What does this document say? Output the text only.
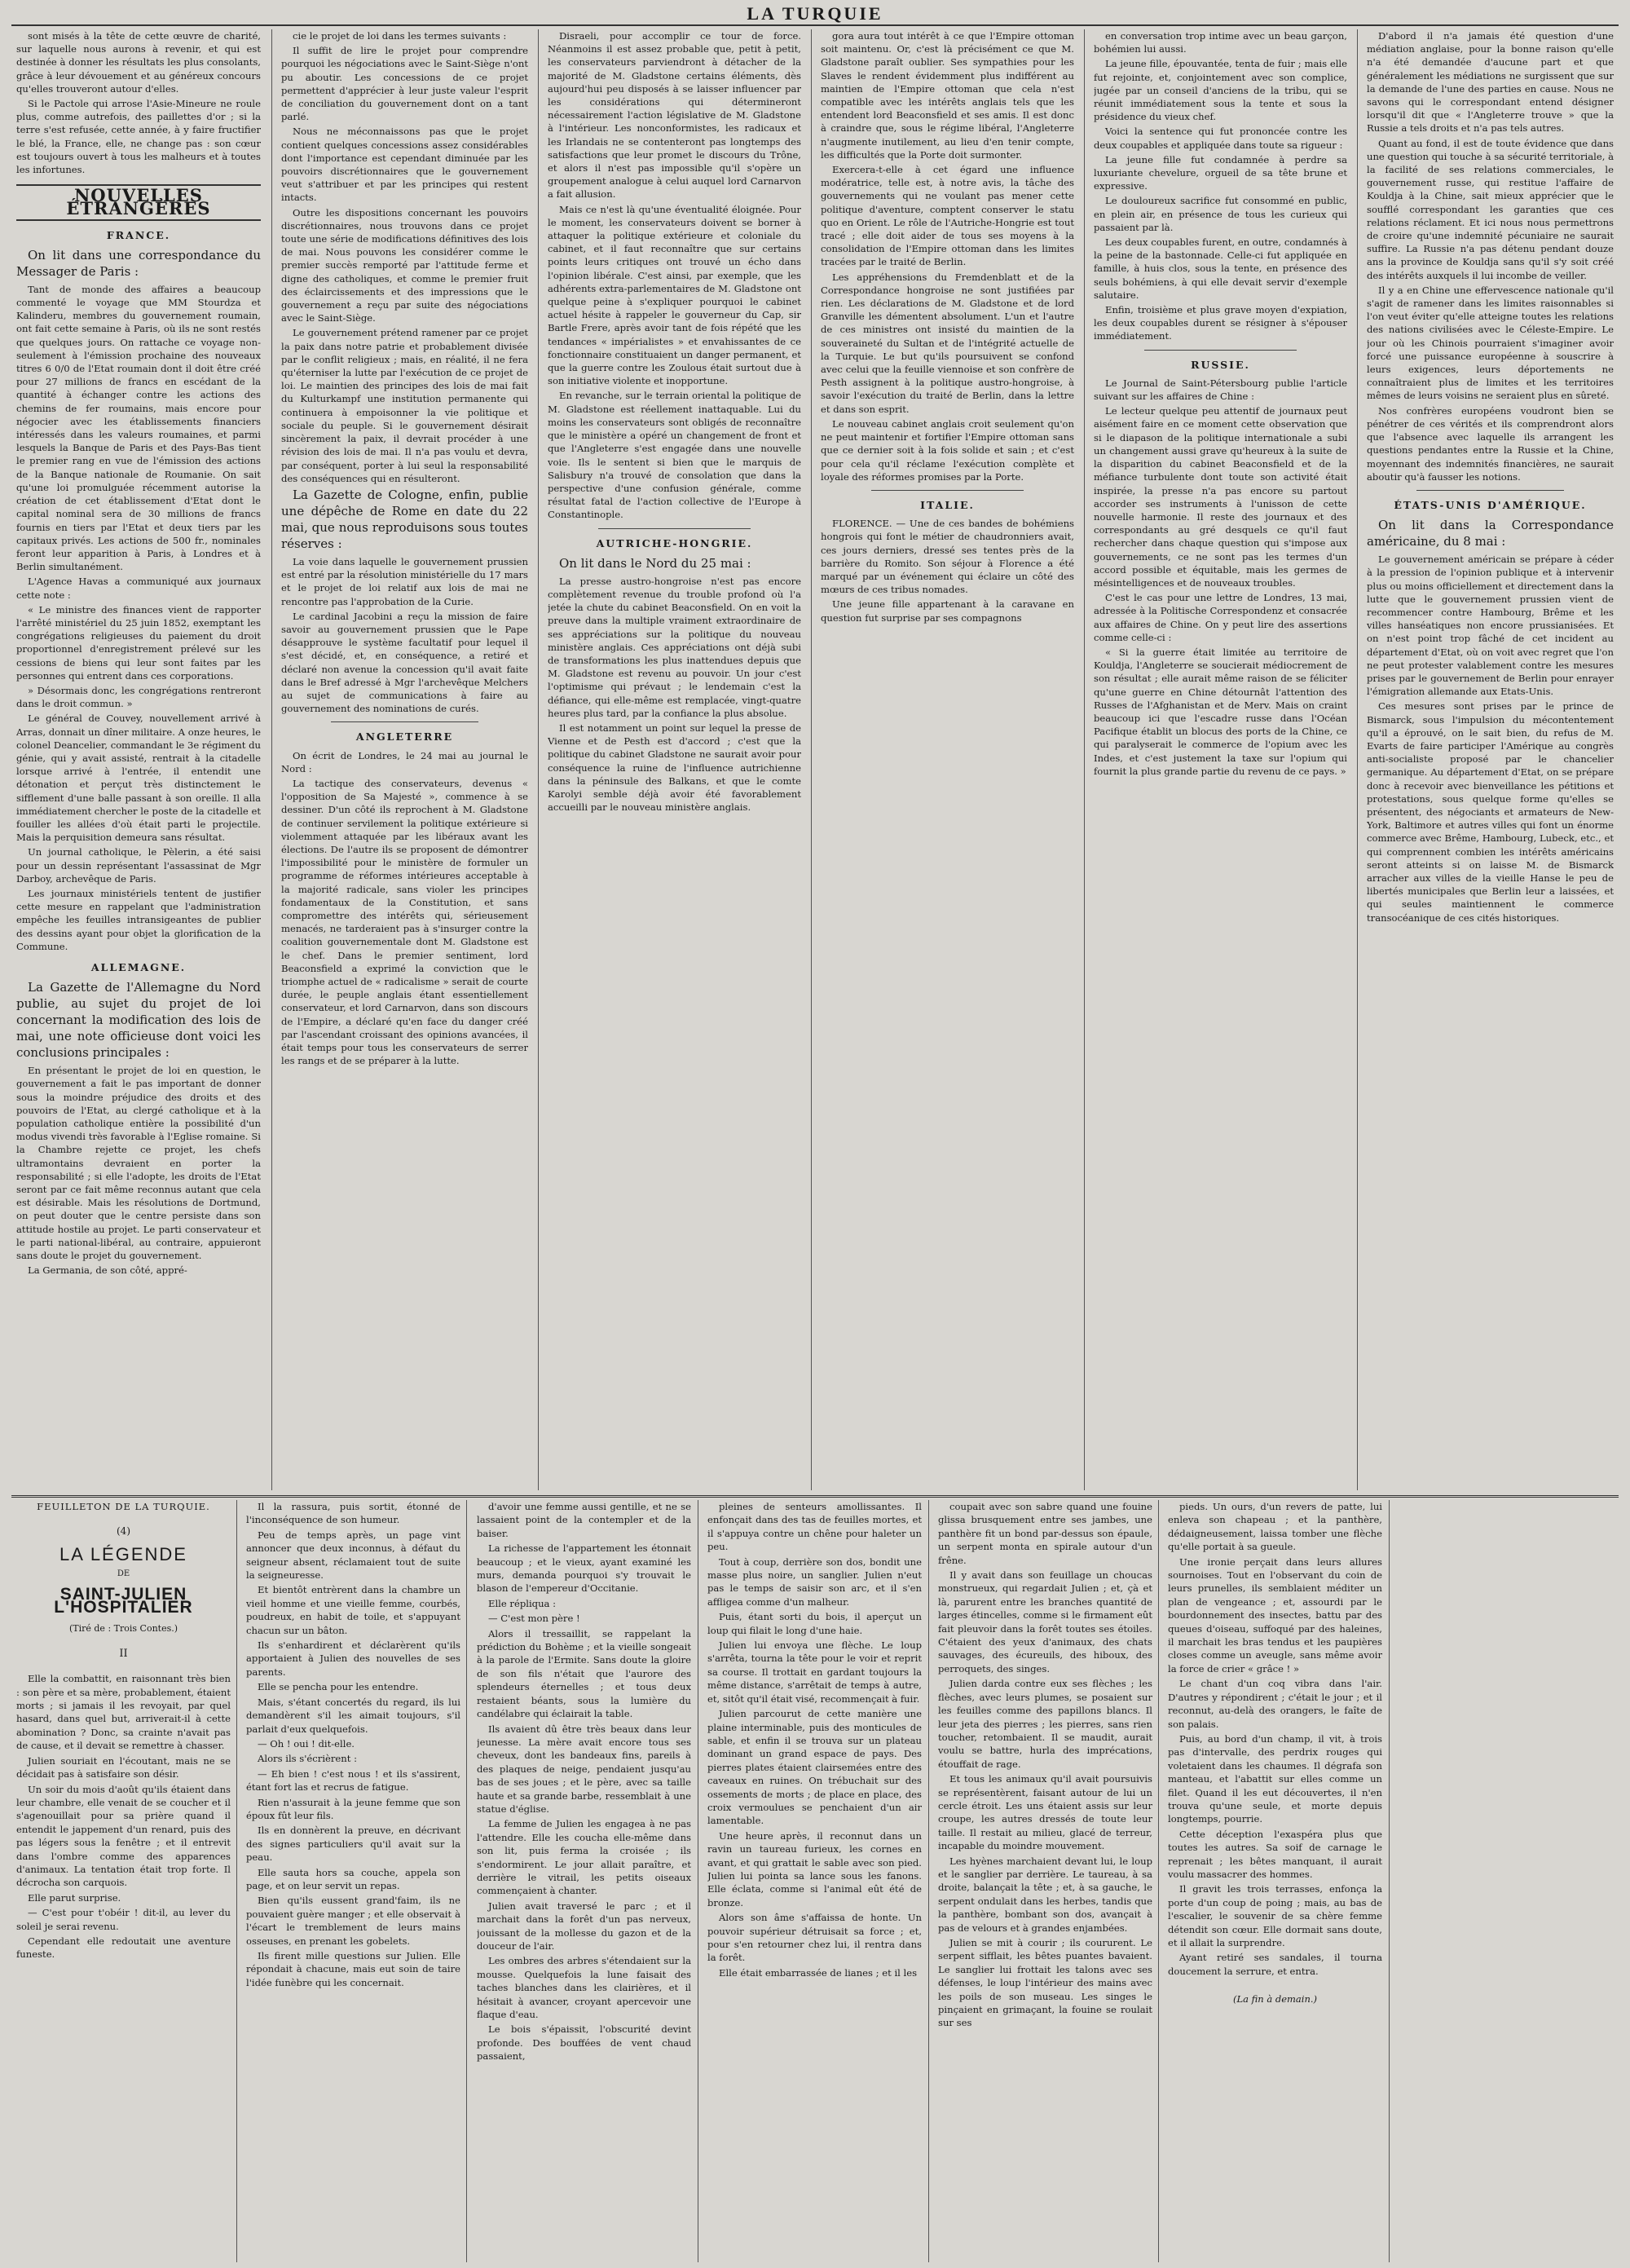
LA TURQUIE

sont misés à la tête de cette œuvre de charité, sur laquelle nous aurons à revenir, et qui est destinée à donner les résultats les plus consolants, grâce à leur dévouement et au généreux concours qu'elles trouveront autour d'elles.

Si le Pactole qui arrose l'Asie-Mineure ne roule plus, comme autrefois, des paillettes d'or ; si la terre s'est refusée, cette année, à y faire fructifier le blé, la France, elle, ne change pas : son cœur est toujours ouvert à tous les malheurs et à toutes les infortunes.

NOUVELLES ÉTRANGÈRES
FRANCE.
On lit dans une correspondance du Messager de Paris :

Tant de monde des affaires a beaucoup commenté le voyage que MM Stourdza et Kalinderu, membres du gouvernement roumain, ont fait cette semaine à Paris, où ils ne sont restés que quelques jours. On rattache ce voyage non-seulement à l'émission prochaine des nouveaux titres 6 0/0 de l'Etat roumain dont il doit être créé pour 27 millions de francs en escédant de la quantité à échanger contre les actions des chemins de fer roumains, mais encore pour négocier avec les établissements financiers intéressés dans les valeurs roumaines, et parmi lesquels la Banque de Paris et des Pays-Bas tient le premier rang en vue de l'émission des actions de la Banque nationale de Roumanie. On sait qu'une loi promulguée récemment autorise la création de cet établissement d'Etat dont le capital nominal sera de 30 millions de francs fournis en tiers par l'Etat et deux tiers par les capitaux privés. Les actions de 500 fr., nominales feront leur apparition à Paris, à Londres et à Berlin simultanément.

L'Agence Havas a communiqué aux journaux cette note :

« Le ministre des finances vient de rapporter l'arrêté ministériel du 25 juin 1852, exemptant les congrégations religieuses du paiement du droit proportionnel d'enregistrement prélevé sur les cessions de biens qui leur sont faites par les personnes qui entrent dans ces corporations.

» Désormais donc, les congrégations rentreront dans le droit commun. »

Le général de Couvey, nouvellement arrivé à Arras, donnait un dîner militaire. A onze heures, le colonel Deancelier, commandant le 3e régiment du génie, qui y avait assisté, rentrait à la citadelle lorsque arrivé à l'entrée, il entendit une détonation et perçut très distinctement le sifflement d'une balle passant à son oreille. Il alla immédiatement chercher le poste de la citadelle et fouiller les allées d'où était parti le projectile. Mais la perquisition demeura sans résultat.

Un journal catholique, le Pèlerin, a été saisi pour un dessin représentant l'assassinat de Mgr Darboy, archevêque de Paris.

Les journaux ministériels tentent de justifier cette mesure en rappelant que l'administration empêche les feuilles intransigeantes de publier des dessins ayant pour objet la glorification de la Commune.

ALLEMAGNE.
La Gazette de l'Allemagne du Nord publie, au sujet du projet de loi concernant la modification des lois de mai, une note officieuse dont voici les conclusions principales :

En présentant le projet de loi en question, le gouvernement a fait le pas important de donner sous la moindre préjudice des droits et des pouvoirs de l'Etat, au clergé catholique et à la population catholique entière la possibilité d'un modus vivendi très favorable à l'Eglise romaine. Si la Chambre rejette ce projet, les chefs ultramontains devraient en porter la responsabilité ; si elle l'adopte, les droits de l'Etat seront par ce fait même reconnus autant que cela est désirable. Mais les résolutions de Dortmund, on peut douter que le centre persiste dans son attitude hostile au projet. Le parti conservateur et le parti national-libéral, au contraire, appuieront sans doute le projet du gouvernement.

La Germania, de son côté, appré-

cie le projet de loi dans les termes suivants :

Il suffit de lire le projet pour comprendre pourquoi les négociations avec le Saint-Siège n'ont pu aboutir. Les concessions de ce projet permettent d'apprécier à leur juste valeur l'esprit de conciliation du gouvernement dont on a tant parlé.

Nous ne méconnaissons pas que le projet contient quelques concessions assez considérables dont l'importance est cependant diminuée par les pouvoirs discrétionnaires que le gouvernement veut s'attribuer et par les principes qui restent intacts.

Outre les dispositions concernant les pouvoirs discrétionnaires, nous trouvons dans ce projet toute une série de modifications définitives des lois de mai. Nous pouvons les considérer comme le premier succès remporté par l'attitude ferme et digne des catholiques, et comme le premier fruit des éclaircissements et des impressions que le gouvernement a reçu par suite des négociations avec le Saint-Siège.

Le gouvernement prétend ramener par ce projet la paix dans notre patrie et probablement divisée par le conflit religieux ; mais, en réalité, il ne fera qu'éterniser la lutte par l'exécution de ce projet de loi. Le maintien des principes des lois de mai fait du Kulturkampf une institution permanente qui continuera à empoisonner la vie politique et sociale du peuple. Si le gouvernement désirait sincèrement la paix, il devrait procéder à une révision des lois de mai. Il n'a pas voulu et devra, par conséquent, porter à lui seul la responsabilité des conséquences qui en résulteront.

La Gazette de Cologne, enfin, publie une dépêche de Rome en date du 22 mai, que nous reproduisons sous toutes réserves :

La voie dans laquelle le gouvernement prussien est entré par la résolution ministérielle du 17 mars et le projet de loi relatif aux lois de mai ne rencontre pas l'approbation de la Curie.

Le cardinal Jacobini a reçu la mission de faire savoir au gouvernement prussien que le Pape désapprouve le système facultatif pour lequel il s'est décidé, et, en conséquence, a retiré et déclaré non avenue la concession qu'il avait faite dans le Bref adressé à Mgr l'archevêque Melchers au sujet de communications à faire au gouvernement des nominations de curés.

ANGLETERRE

On écrit de Londres, le 24 mai au journal le Nord :

La tactique des conservateurs, devenus « l'opposition de Sa Majesté », commence à se dessiner. D'un côté ils reprochent à M. Gladstone de continuer servilement la politique extérieure si violemment attaquée par les libéraux avant les élections. De l'autre ils se proposent de démontrer l'impossibilité pour le ministère de formuler un programme de réformes intérieures acceptable à la majorité radicale, sans violer les principes fondamentaux de la Constitution, et sans compromettre des intérêts qui, sérieusement menacés, ne tarderaient pas à s'insurger contre la coalition gouvernementale dont M. Gladstone est le chef. Dans le premier sentiment, lord Beaconsfield a exprimé la conviction que le triomphe actuel de « radicalisme » serait de courte durée, le peuple anglais étant essentiellement conservateur, et lord Carnarvon, dans son discours de l'Empire, a déclaré qu'en face du danger créé par l'ascendant croissant des opinions avancées, il était temps pour tous les conservateurs de serrer les rangs et de se préparer à la lutte.

Disraeli, pour accomplir ce tour de force. Néanmoins il est assez probable que, petit à petit, les conservateurs parviendront à détacher de la majorité de M. Gladstone certains éléments, dès aujourd'hui peu disposés à se laisser influencer par les considérations qui détermineront nécessairement l'action législative de M. Gladstone à l'intérieur. Les nonconformistes, les radicaux et les Irlandais ne se contenteront pas longtemps des satisfactions que leur promet le discours du Trône, et alors il n'est pas impossible qu'il s'opère un groupement analogue à celui auquel lord Carnarvon a fait allusion.

Mais ce n'est là qu'une éventualité éloignée. Pour le moment, les conservateurs doivent se borner à attaquer la politique extérieure et coloniale du cabinet, et il faut reconnaître que sur certains points leurs critiques ont trouvé un écho dans l'opinion libérale. C'est ainsi, par exemple, que les adhérents extra-parlementaires de M. Gladstone ont quelque peine à s'expliquer pourquoi le cabinet actuel hésite à rappeler le gouverneur du Cap, sir Bartle Frere, après avoir tant de fois répété que les tendances « impérialistes » et envahissantes de ce fonctionnaire constituaient un danger permanent, et que la guerre contre les Zoulous était surtout due à son initiative violente et inopportune.

En revanche, sur le terrain oriental la politique de M. Gladstone est réellement inattaquable. Lui du moins les conservateurs sont obligés de reconnaître que le ministère a opéré un changement de front et que l'Angleterre s'est engagée dans une nouvelle voie. Ils le sentent si bien que le marquis de Salisbury n'a trouvé de consolation que dans la perspective d'une confusion générale, comme résultat fatal de l'action collective de l'Europe à Constantinople.

AUTRICHE-HONGRIE.
On lit dans le Nord du 25 mai :

La presse austro-hongroise n'est pas encore complètement revenue du trouble profond où l'a jetée la chute du cabinet Beaconsfield. On en voit la preuve dans la multiple vraiment extraordinaire de ses appréciations sur la politique du nouveau ministère anglais. Ces appréciations ont déjà subi de transformations les plus inattendues depuis que M. Gladstone est revenu au pouvoir. Un jour c'est l'optimisme qui prévaut ; le lendemain c'est la défiance, qui elle-même est remplacée, vingt-quatre heures plus tard, par la confiance la plus absolue.

Il est notamment un point sur lequel la presse de Vienne et de Pesth est d'accord ; c'est que la politique du cabinet Gladstone ne saurait avoir pour conséquence la ruine de l'influence autrichienne dans la péninsule des Balkans, et que le comte Karolyi semble déjà avoir été favorablement accueilli par le nouveau ministère anglais.

gora aura tout intérêt à ce que l'Empire ottoman soit maintenu. Or, c'est là précisément ce que M. Gladstone paraît oublier. Ses sympathies pour les Slaves le rendent évidemment plus indifférent au maintien de l'Empire ottoman que cela n'est compatible avec les intérêts anglais tels que les entendent lord Beaconsfield et ses amis. Il est donc à craindre que, sous le régime libéral, l'Angleterre n'augmente inutilement, au lieu d'en tenir compte, les difficultés que la Porte doit surmonter.

Exercera-t-elle à cet égard une influence modératrice, telle est, à notre avis, la tâche des gouvernements qui ne voulant pas mener cette politique d'aventure, comptent conserver le statu quo en Orient. Le rôle de l'Autriche-Hongrie est tout tracé ; elle doit aider de tous ses moyens à la consolidation de l'Empire ottoman dans les limites tracées par le traité de Berlin.

Les appréhensions du Fremdenblatt et de la Correspondance hongroise ne sont justifiées par rien. Les déclarations de M. Gladstone et de lord Granville les démentent absolument. L'un et l'autre de ces ministres ont insisté du maintien de la souveraineté du Sultan et de l'intégrité actuelle de la Turquie. Le but qu'ils poursuivent se confond avec celui que la feuille viennoise et son confrère de Pesth assignent à la politique austro-hongroise, à savoir l'exécution du traité de Berlin, dans la lettre et dans son esprit.

Le nouveau cabinet anglais croit seulement qu'on ne peut maintenir et fortifier l'Empire ottoman sans que ce dernier soit à la fois solide et sain ; et c'est pour cela qu'il réclame l'exécution complète et loyale des réformes promises par la Porte.

ITALIE.

FLORENCE. — Une de ces bandes de bohémiens hongrois qui font le métier de chaudronniers avait, ces jours derniers, dressé ses tentes près de la barrière du Romito. Son séjour à Florence a été marqué par un événement qui éclaire un côté des mœurs de ces tribus nomades.

Une jeune fille appartenant à la caravane en question fut surprise par ses compagnons

en conversation trop intime avec un beau garçon, bohémien lui aussi.

La jeune fille, épouvantée, tenta de fuir ; mais elle fut rejointe, et, conjointement avec son complice, jugée par un conseil d'anciens de la tribu, qui se réunit immédiatement sous la tente et sous la présidence du vieux chef.

Voici la sentence qui fut prononcée contre les deux coupables et appliquée dans toute sa rigueur :

La jeune fille fut condamnée à perdre sa luxuriante chevelure, orgueil de sa tête brune et expressive.

Le douloureux sacrifice fut consommé en public, en plein air, en présence de tous les curieux qui passaient par là.

Les deux coupables furent, en outre, condamnés à la peine de la bastonnade. Celle-ci fut appliquée en famille, à huis clos, sous la tente, en présence des seuls bohémiens, à qui elle devait servir d'exemple salutaire.

Enfin, troisième et plus grave moyen d'expiation, les deux coupables durent se résigner à s'épouser immédiatement.

RUSSIE.

Le Journal de Saint-Pétersbourg publie l'article suivant sur les affaires de Chine :

Le lecteur quelque peu attentif de journaux peut aisément faire en ce moment cette observation que si le diapason de la politique internationale a subi un changement aussi grave qu'heureux à la suite de la disparition du cabinet Beaconsfield et de la méfiance turbulente dont toute son activité était inspirée, la presse n'a pas encore su partout accorder ses instruments à l'unisson de cette nouvelle harmonie. Il reste des journaux et des correspondants au gré desquels ce qu'il faut rechercher dans chaque question qui s'impose aux gouvernements, ce ne sont pas les termes d'un accord possible et équitable, mais les germes de mésintelligences et de nouveaux troubles.

C'est le cas pour une lettre de Londres, 13 mai, adressée à la Politische Correspondenz et consacrée aux affaires de Chine. On y peut lire des assertions comme celle-ci :

« Si la guerre était limitée au territoire de Kouldja, l'Angleterre se soucierait médiocrement de son résultat ; elle aurait même raison de se féliciter qu'une guerre en Chine détournât l'attention des Russes de l'Afghanistan et de Merv. Mais on craint beaucoup ici que l'escadre russe dans l'Océan Pacifique établit un blocus des ports de la Chine, ce qui paralyserait le commerce de l'opium avec les Indes, et c'est justement la taxe sur l'opium qui fournit la plus grande partie du revenu de ce pays. »

D'abord il n'a jamais été question d'une médiation anglaise, pour la bonne raison qu'elle n'a été demandée d'aucune part et que généralement les médiations ne surgissent que sur la demande de l'une des parties en cause. Nous ne savons qui le correspondant entend désigner lorsqu'il dit que « l'Angleterre trouve » que la Russie a tels droits et n'a pas tels autres.

Quant au fond, il est de toute évidence que dans une question qui touche à sa sécurité territoriale, à la facilité de ses relations commerciales, le gouvernement russe, qui restitue l'affaire de Kouldja à la Chine, sait mieux apprécier que le soufflé correspondant les garanties que ces relations réclament. Et ici nous nous permettrons de croire qu'une indemnité pécuniaire ne saurait suffire. La Russie n'a pas détenu pendant douze ans la province de Kouldja sans qu'il s'y soit créé des intérêts auxquels il lui incombe de veiller.

Il y a en Chine une effervescence nationale qu'il s'agit de ramener dans les limites raisonnables si l'on veut éviter qu'elle atteigne toutes les relations des nations civilisées avec le Céleste-Empire. Le jour où les Chinois pourraient s'imaginer avoir forcé une puissance européenne à souscrire à leurs exigences, leurs déportements ne connaîtraient plus de limites et les territoires mêmes de leurs voisins ne seraient plus en sûreté.

Nos confrères européens voudront bien se pénétrer de ces vérités et ils comprendront alors que l'absence avec laquelle ils arrangent les questions pendantes entre la Russie et la Chine, moyennant des indemnités financières, ne saurait aboutir qu'à fausser les notions.

ÉTATS-UNIS D'AMÉRIQUE.
On lit dans la Correspondance américaine, du 8 mai :

Le gouvernement américain se prépare à céder à la pression de l'opinion publique et à intervenir plus ou moins officiellement et directement dans la lutte que le gouvernement prussien vient de recommencer contre Hambourg, Brême et les villes hanséatiques non encore prussianisées. Et on n'est point trop fâché de cet incident au département d'Etat, où on voit avec regret que l'on ne peut protester valablement contre les mesures prises par le gouvernement de Berlin pour enrayer l'émigration allemande aux Etats-Unis.

Ces mesures sont prises par le prince de Bismarck, sous l'impulsion du mécontentement qu'il a éprouvé, on le sait bien, du refus de M. Evarts de faire participer l'Amérique au congrès anti-socialiste proposé par le chancelier germanique. Au département d'Etat, on se prépare donc à recevoir avec bienveillance les pétitions et protestations, sous quelque forme qu'elles se présentent, des négociants et armateurs de New-York, Baltimore et autres villes qui font un énorme commerce avec Brême, Hambourg, Lubeck, etc., et qui comprennent combien les intérêts américains seront atteints si on laisse M. de Bismarck arracher aux villes de la vieille Hanse le peu de libertés municipales que Berlin leur a laissées, et qui seules maintiennent le commerce transocéanique de ces cités historiques.

FEUILLETON DE LA TURQUIE.
(4)
LA LÉGENDE
DE
SAINT-JULIEN L'HOSPITALIER
(Tiré de : Trois Contes.)
II

Elle la combattit, en raisonnant très bien : son père et sa mère, probablement, étaient morts ; si jamais il les revoyait, par quel hasard, dans quel but, arriverait-il à cette abomination ? Donc, sa crainte n'avait pas de cause, et il devait se remettre à chasser.

Julien souriait en l'écoutant, mais ne se décidait pas à satisfaire son désir.

Un soir du mois d'août qu'ils étaient dans leur chambre, elle venait de se coucher et il s'agenouillait pour sa prière quand il entendit le jappement d'un renard, puis des pas légers sous la fenêtre ; et il entrevit dans l'ombre comme des apparences d'animaux. La tentation était trop forte. Il décrocha son carquois.

Elle parut surprise.

— C'est pour t'obéir ! dit-il, au lever du soleil je serai revenu.

Cependant elle redoutait une aventure funeste.

Il la rassura, puis sortit, étonné de l'inconséquence de son humeur.

Peu de temps après, un page vint annoncer que deux inconnus, à défaut du seigneur absent, réclamaient tout de suite la seigneuresse.

Et bientôt entrèrent dans la chambre un vieil homme et une vieille femme, courbés, poudreux, en habit de toile, et s'appuyant chacun sur un bâton.

Ils s'enhardirent et déclarèrent qu'ils apportaient à Julien des nouvelles de ses parents.

Elle se pencha pour les entendre.

Mais, s'étant concertés du regard, ils lui demandèrent s'il les aimait toujours, s'il parlait d'eux quelquefois.

— Oh ! oui ! dit-elle.

Alors ils s'écrièrent :

— Eh bien ! c'est nous ! et ils s'assirent, étant fort las et recrus de fatigue.

Rien n'assurait à la jeune femme que son époux fût leur fils.

Ils en donnèrent la preuve, en décrivant des signes particuliers qu'il avait sur la peau.

Elle sauta hors sa couche, appela son page, et on leur servit un repas.

Bien qu'ils eussent grand'faim, ils ne pouvaient guère manger ; et elle observait à l'écart le tremblement de leurs mains osseuses, en prenant les gobelets.

Ils firent mille questions sur Julien. Elle répondait à chacune, mais eut soin de taire l'idée funèbre qui les concernait.

d'avoir une femme aussi gentille, et ne se lassaient point de la contempler et de la baiser.

La richesse de l'appartement les étonnait beaucoup ; et le vieux, ayant examiné les murs, demanda pourquoi s'y trouvait le blason de l'empereur d'Occitanie.

Elle répliqua :

— C'est mon père !

Alors il tressaillit, se rappelant la prédiction du Bohème ; et la vieille songeait à la parole de l'Ermite. Sans doute la gloire de son fils n'était que l'aurore des splendeurs éternelles ; et tous deux restaient béants, sous la lumière du candélabre qui éclairait la table.

Ils avaient dû être très beaux dans leur jeunesse. La mère avait encore tous ses cheveux, dont les bandeaux fins, pareils à des plaques de neige, pendaient jusqu'au bas de ses joues ; et le père, avec sa taille haute et sa grande barbe, ressemblait à une statue d'église.

La femme de Julien les engagea à ne pas l'attendre. Elle les coucha elle-même dans son lit, puis ferma la croisée ; ils s'endormirent. Le jour allait paraître, et derrière le vitrail, les petits oiseaux commençaient à chanter.

Julien avait traversé le parc ; et il marchait dans la forêt d'un pas nerveux, jouissant de la mollesse du gazon et de la douceur de l'air.

Les ombres des arbres s'étendaient sur la mousse. Quelquefois la lune faisait des taches blanches dans les clairières, et il hésitait à avancer, croyant apercevoir une flaque d'eau.

Le bois s'épaissit, l'obscurité devint profonde. Des bouffées de vent chaud passaient,

pleines de senteurs amollissantes. Il enfonçait dans des tas de feuilles mortes, et il s'appuya contre un chêne pour haleter un peu.

Tout à coup, derrière son dos, bondit une masse plus noire, un sanglier. Julien n'eut pas le temps de saisir son arc, et il s'en affligea comme d'un malheur.

Puis, étant sorti du bois, il aperçut un loup qui filait le long d'une haie.

Julien lui envoya une flèche. Le loup s'arrêta, tourna la tête pour le voir et reprit sa course. Il trottait en gardant toujours la même distance, s'arrêtait de temps à autre, et, sitôt qu'il était visé, recommençait à fuir.

Julien parcourut de cette manière une plaine interminable, puis des monticules de sable, et enfin il se trouva sur un plateau dominant un grand espace de pays. Des pierres plates étaient clairsemées entre des caveaux en ruines. On trébuchait sur des ossements de morts ; de place en place, des croix vermoulues se penchaient d'un air lamentable.

Une heure après, il reconnut dans un ravin un taureau furieux, les cornes en avant, et qui grattait le sable avec son pied. Julien lui pointa sa lance sous les fanons. Elle éclata, comme si l'animal eût été de bronze.

Alors son âme s'affaissa de honte. Un pouvoir supérieur détruisait sa force ; et, pour s'en retourner chez lui, il rentra dans la forêt.

Elle était embarrassée de lianes ; et il les

coupait avec son sabre quand une fouine glissa brusquement entre ses jambes, une panthère fit un bond par-dessus son épaule, un serpent monta en spirale autour d'un frêne.

Il y avait dans son feuillage un choucas monstrueux, qui regardait Julien ; et, çà et là, parurent entre les branches quantité de larges étincelles, comme si le firmament eût fait pleuvoir dans la forêt toutes ses étoiles. C'étaient des yeux d'animaux, des chats sauvages, des écureuils, des hiboux, des perroquets, des singes.

Julien darda contre eux ses flèches ; les flèches, avec leurs plumes, se posaient sur les feuilles comme des papillons blancs. Il leur jeta des pierres ; les pierres, sans rien toucher, retombaient. Il se maudit, aurait voulu se battre, hurla des imprécations, étouffait de rage.

Et tous les animaux qu'il avait poursuivis se représentèrent, faisant autour de lui un cercle étroit. Les uns étaient assis sur leur croupe, les autres dressés de toute leur taille. Il restait au milieu, glacé de terreur, incapable du moindre mouvement.

Les hyènes marchaient devant lui, le loup et le sanglier par derrière. Le taureau, à sa droite, balançait la tête ; et, à sa gauche, le serpent ondulait dans les herbes, tandis que la panthère, bombant son dos, avançait à pas de velours et à grandes enjambées.

Julien se mit à courir ; ils coururent. Le serpent sifflait, les bêtes puantes bavaient. Le sanglier lui frottait les talons avec ses défenses, le loup l'intérieur des mains avec les poils de son museau. Les singes le pinçaient en grimaçant, la fouine se roulait sur ses

pieds. Un ours, d'un revers de patte, lui enleva son chapeau ; et la panthère, dédaigneusement, laissa tomber une flèche qu'elle portait à sa gueule.

Une ironie perçait dans leurs allures sournoises. Tout en l'observant du coin de leurs prunelles, ils semblaient méditer un plan de vengeance ; et, assourdi par le bourdonnement des insectes, battu par des queues d'oiseau, suffoqué par des haleines, il marchait les bras tendus et les paupières closes comme un aveugle, sans même avoir la force de crier « grâce ! »

Le chant d'un coq vibra dans l'air. D'autres y répondirent ; c'était le jour ; et il reconnut, au-delà des orangers, le faîte de son palais.

Puis, au bord d'un champ, il vit, à trois pas d'intervalle, des perdrix rouges qui voletaient dans les chaumes. Il dégrafa son manteau, et l'abattit sur elles comme un filet. Quand il les eut découvertes, il n'en trouva qu'une seule, et morte depuis longtemps, pourrie.

Cette déception l'exaspéra plus que toutes les autres. Sa soif de carnage le reprenait ; les bêtes manquant, il aurait voulu massacrer des hommes.

Il gravit les trois terrasses, enfonça la porte d'un coup de poing ; mais, au bas de l'escalier, le souvenir de sa chère femme détendit son cœur. Elle dormait sans doute, et il allait la surprendre.

Ayant retiré ses sandales, il tourna doucement la serrure, et entra.

(La fin à demain.)
